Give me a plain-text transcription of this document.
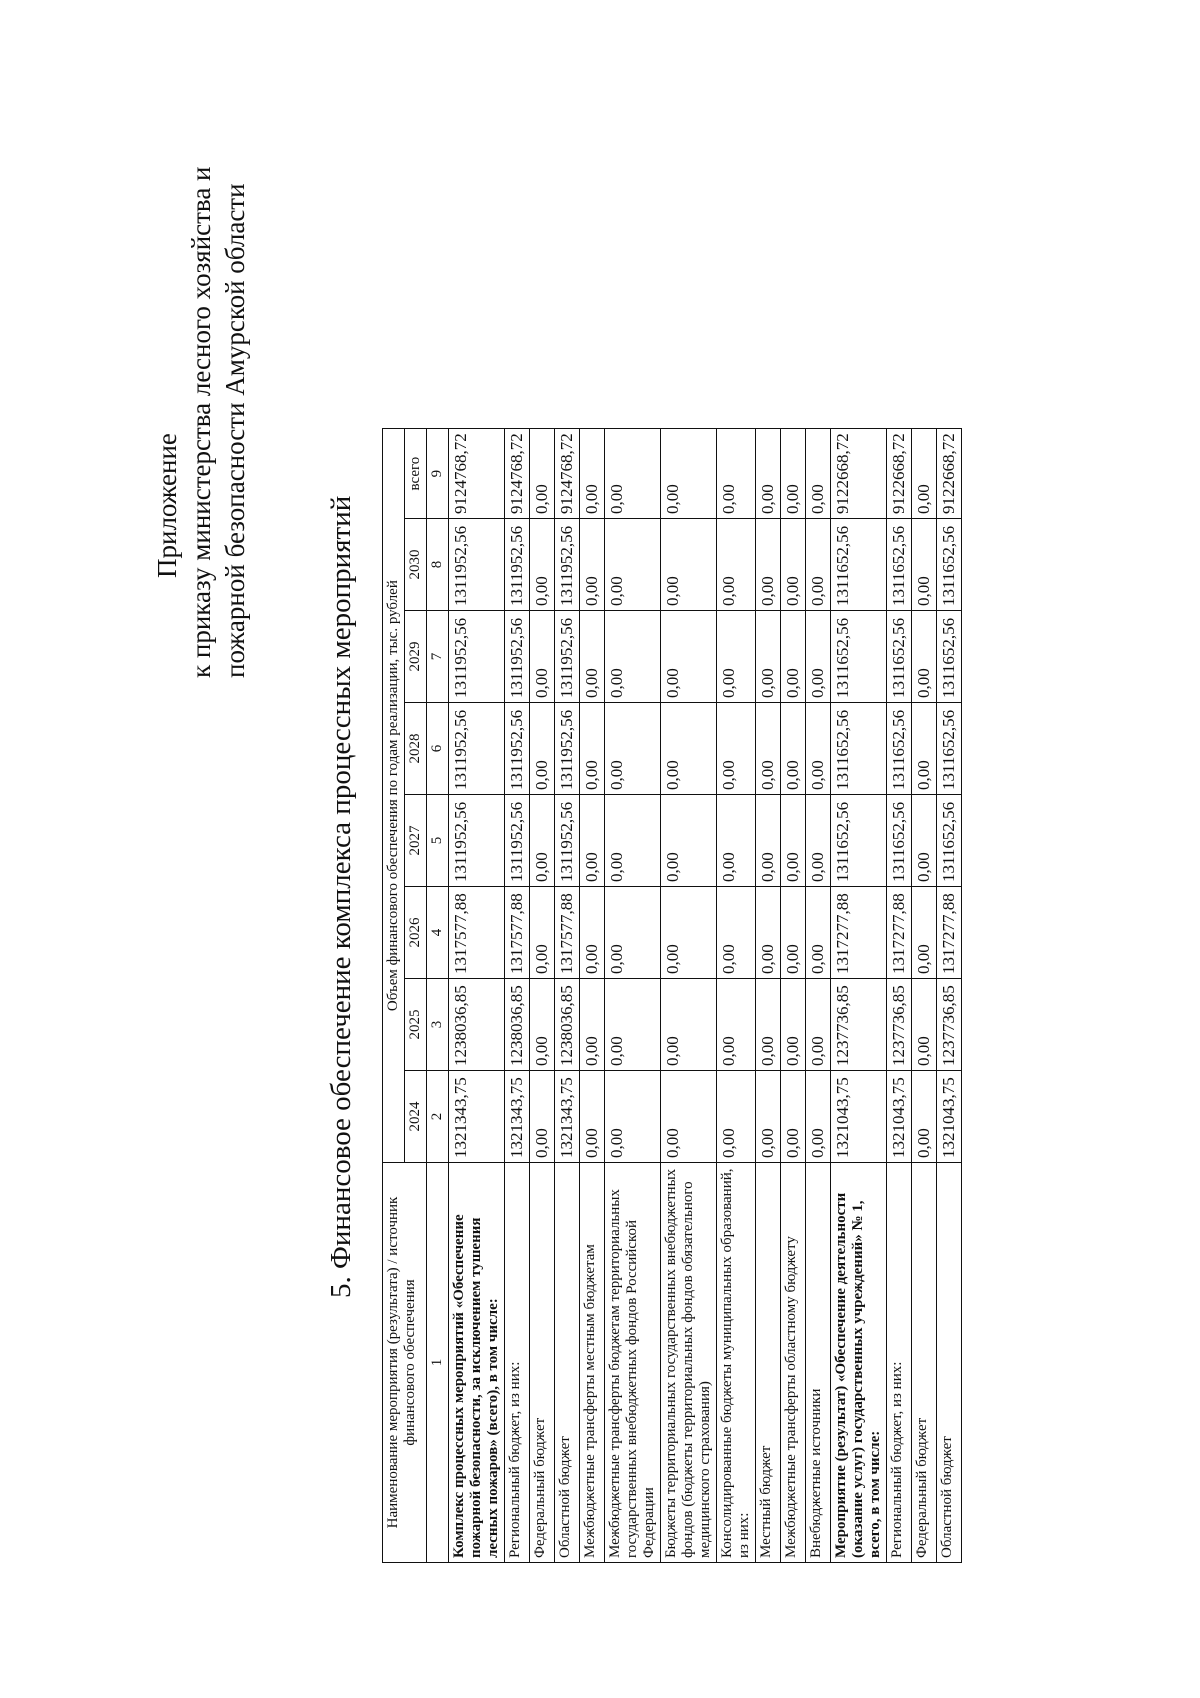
Приложение к приказу министерства лесного хозяйства и пожарной безопасности Амурской области
5. Финансовое обеспечение комплекса процессных мероприятий
Наименование мероприятия (результата) / источник финансового обеспечения	Объем финансового обеспечения по годам реализации, тыс. рублей							
	2024	2025	2026	2027	2028	2029	2030	всего
1	2	3	4	5	6	7	8	9
Комплекс процессных мероприятий «Обеспечение пожарной безопасности, за исключением тушения лесных пожаров» (всего), в том числе:	1321343,75	1238036,85	1317577,88	1311952,56	1311952,56	1311952,56	1311952,56	9124768,72
Региональный бюджет, из них:	1321343,75	1238036,85	1317577,88	1311952,56	1311952,56	1311952,56	1311952,56	9124768,72
Федеральный бюджет	0,00	0,00	0,00	0,00	0,00	0,00	0,00	0,00
Областной бюджет	1321343,75	1238036,85	1317577,88	1311952,56	1311952,56	1311952,56	1311952,56	9124768,72
Межбюджетные трансферты местным бюджетам	0,00	0,00	0,00	0,00	0,00	0,00	0,00	0,00
Межбюджетные трансферты бюджетам территориальных государственных внебюджетных фондов Российской Федерации	0,00	0,00	0,00	0,00	0,00	0,00	0,00	0,00
Бюджеты территориальных государственных внебюджетных фондов (бюджеты территориальных фондов обязательного медицинского страхования)	0,00	0,00	0,00	0,00	0,00	0,00	0,00	0,00
Консолидированные бюджеты муниципальных образований, из них:	0,00	0,00	0,00	0,00	0,00	0,00	0,00	0,00
Местный бюджет	0,00	0,00	0,00	0,00	0,00	0,00	0,00	0,00
Межбюджетные трансферты областному бюджету	0,00	0,00	0,00	0,00	0,00	0,00	0,00	0,00
Внебюджетные источники	0,00	0,00	0,00	0,00	0,00	0,00	0,00	0,00
Мероприятие (результат) «Обеспечение деятельности (оказание услуг) государственных учреждений» № 1, всего, в том числе:	1321043,75	1237736,85	1317277,88	1311652,56	1311652,56	1311652,56	1311652,56	9122668,72
Региональный бюджет, из них:	1321043,75	1237736,85	1317277,88	1311652,56	1311652,56	1311652,56	1311652,56	9122668,72
Федеральный бюджет	0,00	0,00	0,00	0,00	0,00	0,00	0,00	0,00
Областной бюджет	1321043,75	1237736,85	1317277,88	1311652,56	1311652,56	1311652,56	1311652,56	9122668,72
